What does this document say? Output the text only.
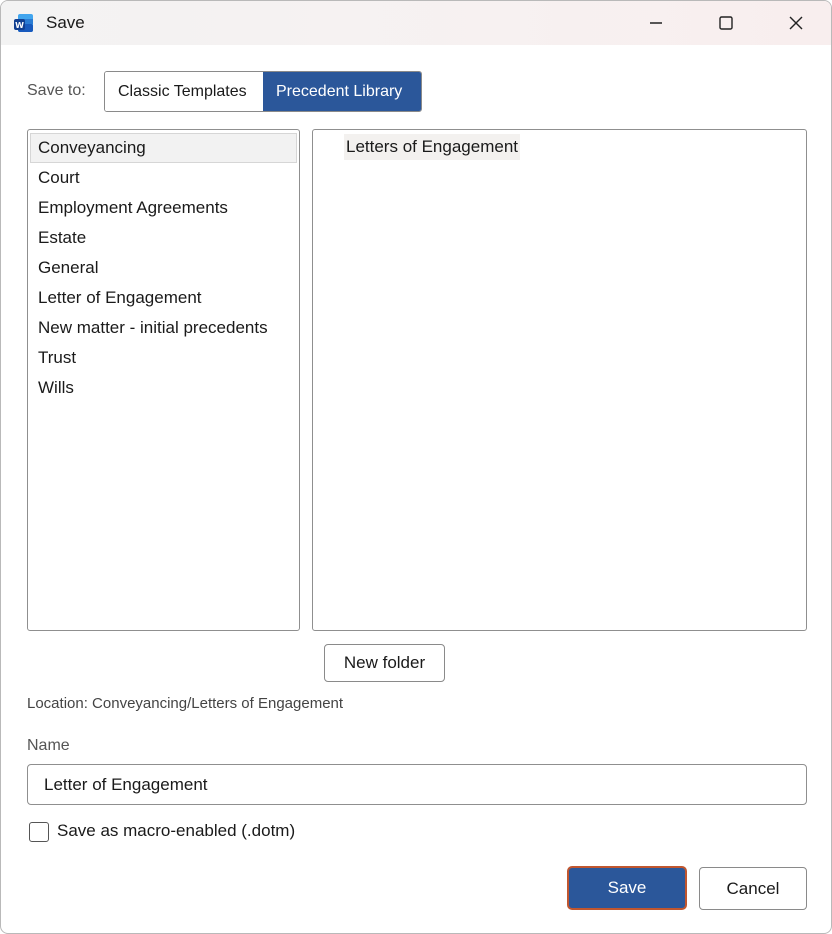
W Save
Save to:	Classic Templates	Precedent Library
Conveyancing
Court
Employment Agreements
Estate
General
Letter of Engagement
New matter - initial precedents
Trust
Wills
Letters of Engagement
New folder
Location: Conveyancing/Letters of Engagement
Name
Letter of Engagement
Save as macro-enabled (.dotm)
Save	Cancel
